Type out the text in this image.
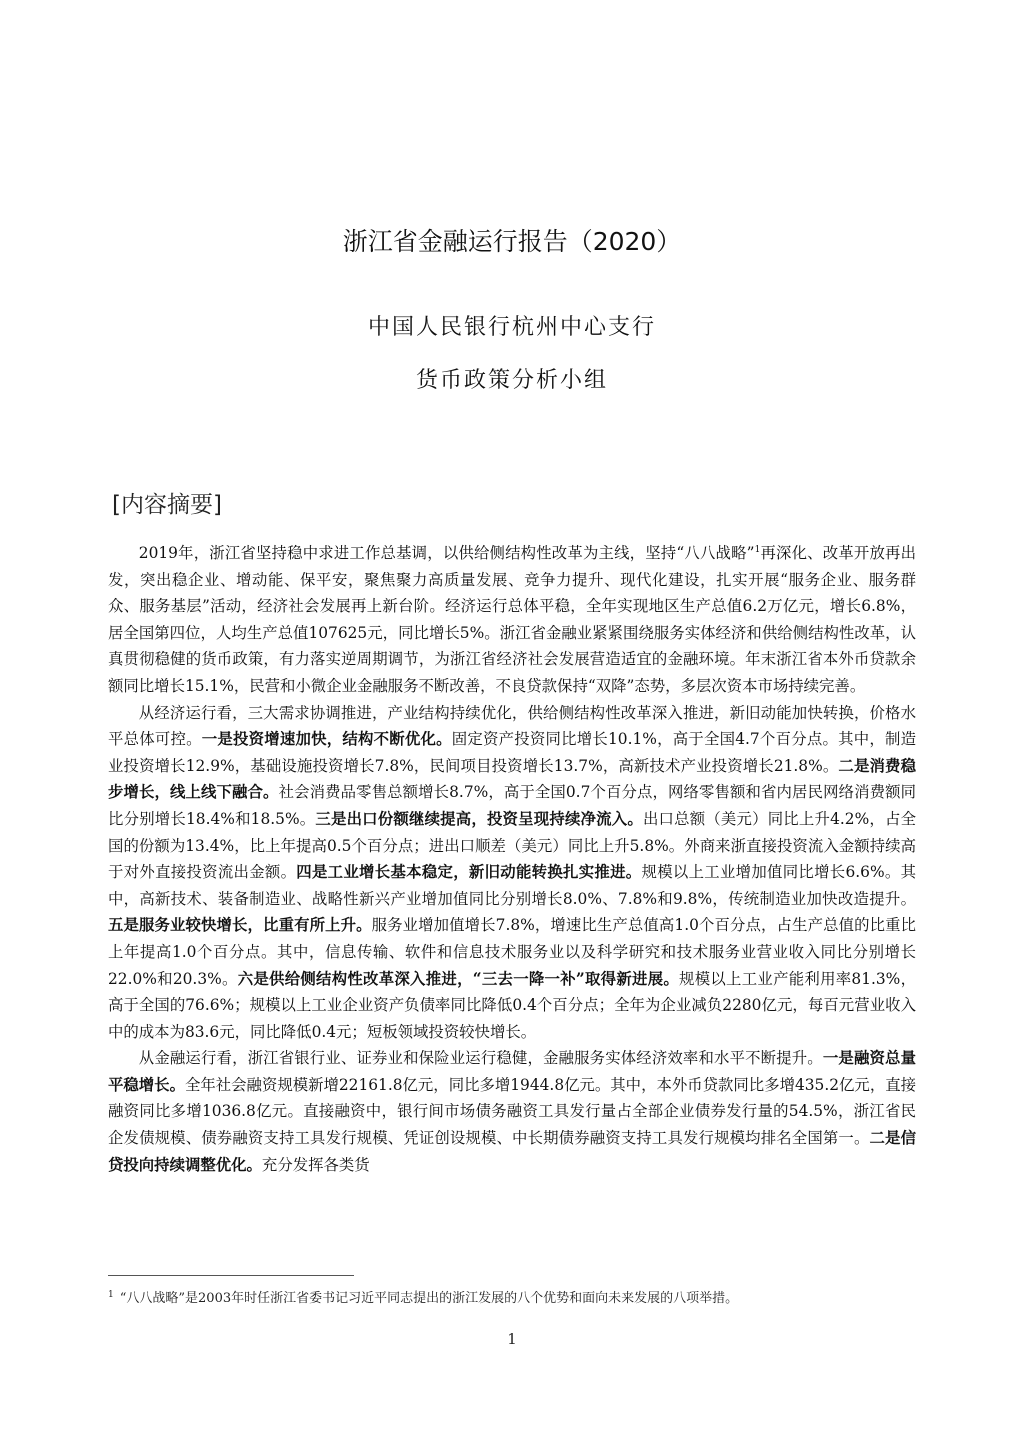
浙江省金融运行报告（2020）
中国人民银行杭州中心支行
货币政策分析小组
[内容摘要]

2019年，浙江省坚持稳中求进工作总基调，以供给侧结构性改革为主线，坚持“八八战略”$^1$再深化、改革开放再出发，突出稳企业、增动能、保平安，聚焦聚力高质量发展、竞争力提升、现代化建设，扎实开展“服务企业、服务群众、服务基层”活动，经济社会发展再上新台阶。经济运行总体平稳，全年实现地区生产总值6.2万亿元，增长6.8%，居全国第四位，人均生产总值107625元，同比增长5%。浙江省金融业紧紧围绕服务实体经济和供给侧结构性改革，认真贯彻稳健的货币政策，有力落实逆周期调节，为浙江省经济社会发展营造适宜的金融环境。年末浙江省本外币贷款余额同比增长15.1%，民营和小微企业金融服务不断改善，不良贷款保持“双降”态势，多层次资本市场持续完善。

从经济运行看，三大需求协调推进，产业结构持续优化，供给侧结构性改革深入推进，新旧动能加快转换，价格水平总体可控。一是投资增速加快，结构不断优化。固定资产投资同比增长10.1%，高于全国4.7个百分点。其中，制造业投资增长12.9%，基础设施投资增长7.8%，民间项目投资增长13.7%，高新技术产业投资增长21.8%。二是消费稳步增长，线上线下融合。社会消费品零售总额增长8.7%，高于全国0.7个百分点，网络零售额和省内居民网络消费额同比分别增长18.4%和18.5%。三是出口份额继续提高，投资呈现持续净流入。出口总额（美元）同比上升4.2%，占全国的份额为13.4%，比上年提高0.5个百分点；进出口顺差（美元）同比上升5.8%。外商来浙直接投资流入金额持续高于对外直接投资流出金额。四是工业增长基本稳定，新旧动能转换扎实推进。规模以上工业增加值同比增长6.6%。其中，高新技术、装备制造业、战略性新兴产业增加值同比分别增长8.0%、7.8%和9.8%，传统制造业加快改造提升。五是服务业较快增长，比重有所上升。服务业增加值增长7.8%，增速比生产总值高1.0个百分点，占生产总值的比重比上年提高1.0个百分点。其中，信息传输、软件和信息技术服务业以及科学研究和技术服务业营业收入同比分别增长22.0%和20.3%。六是供给侧结构性改革深入推进，“三去一降一补”取得新进展。规模以上工业产能利用率81.3%，高于全国的76.6%；规模以上工业企业资产负债率同比降低0.4个百分点；全年为企业减负2280亿元，每百元营业收入中的成本为83.6元，同比降低0.4元；短板领域投资较快增长。

从金融运行看，浙江省银行业、证券业和保险业运行稳健，金融服务实体经济效率和水平不断提升。一是融资总量平稳增长。全年社会融资规模新增22161.8亿元，同比多增1944.8亿元。其中，本外币贷款同比多增435.2亿元，直接融资同比多增1036.8亿元。直接融资中，银行间市场债务融资工具发行量占全部企业债券发行量的54.5%，浙江省民企发债规模、债券融资支持工具发行规模、凭证创设规模、中长期债券融资支持工具发行规模均排名全国第一。二是信贷投向持续调整优化。充分发挥各类货

$^1$ “八八战略”是2003年时任浙江省委书记习近平同志提出的浙江发展的八个优势和面向未来发展的八项举措。
1
